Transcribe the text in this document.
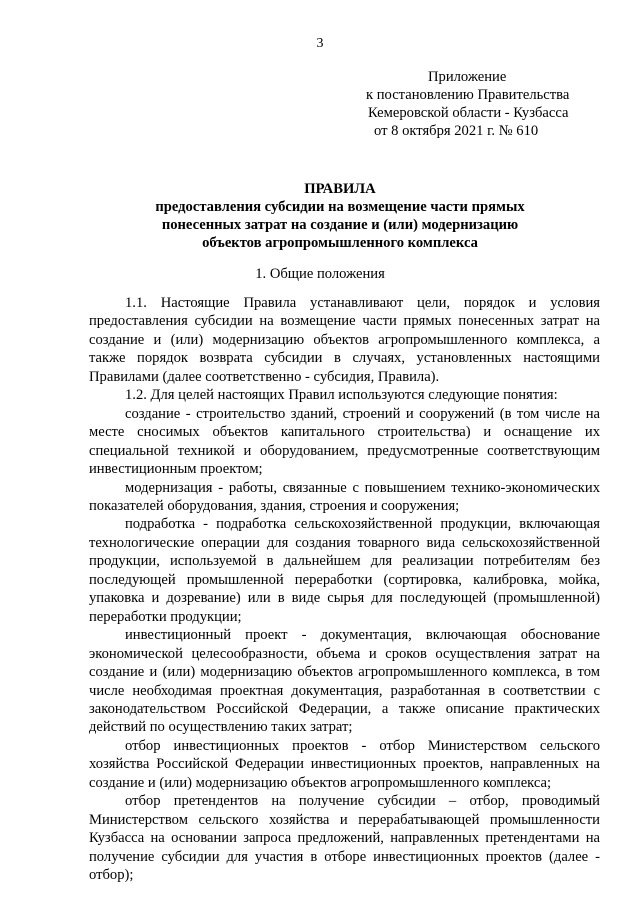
3
Приложение
к постановлению Правительства
Кемеровской области - Кузбасса
от 8 октября 2021 г. № 610
ПРАВИЛА
предоставления субсидии на возмещение части прямых
понесенных затрат на создание и (или) модернизацию
объектов агропромышленного комплекса
1. Общие положения

1.1. Настоящие Правила устанавливают цели, порядок и условия предоставления субсидии на возмещение части прямых понесенных затрат на создание и (или) модернизацию объектов агропромышленного комплекса, а также порядок возврата субсидии в случаях, установленных настоящими Правилами (далее соответственно - субсидия, Правила).

1.2. Для целей настоящих Правил используются следующие понятия:

создание - строительство зданий, строений и сооружений (в том числе на месте сносимых объектов капитального строительства) и оснащение их специальной техникой и оборудованием, предусмотренные соответствующим инвестиционным проектом;

модернизация - работы, связанные с повышением технико-экономических показателей оборудования, здания, строения и сооружения;

подработка - подработка сельскохозяйственной продукции, включающая технологические операции для создания товарного вида сельскохозяйственной продукции, используемой в дальнейшем для реализации потребителям без последующей промышленной переработки (сортировка, калибровка, мойка, упаковка и дозревание) или в виде сырья для последующей (промышленной) переработки продукции;

инвестиционный проект - документация, включающая обоснование экономической целесообразности, объема и сроков осуществления затрат на создание и (или) модернизацию объектов агропромышленного комплекса, в том числе необходимая проектная документация, разработанная в соответствии с законодательством Российской Федерации, а также описание практических действий по осуществлению таких затрат;

отбор инвестиционных проектов - отбор Министерством сельского хозяйства Российской Федерации инвестиционных проектов, направленных на создание и (или) модернизацию объектов агропромышленного комплекса;

отбор претендентов на получение субсидии – отбор, проводимый Министерством сельского хозяйства и перерабатывающей промышленности Кузбасса на основании запроса предложений, направленных претендентами на получение субсидии для участия в отборе инвестиционных проектов (далее - отбор);
